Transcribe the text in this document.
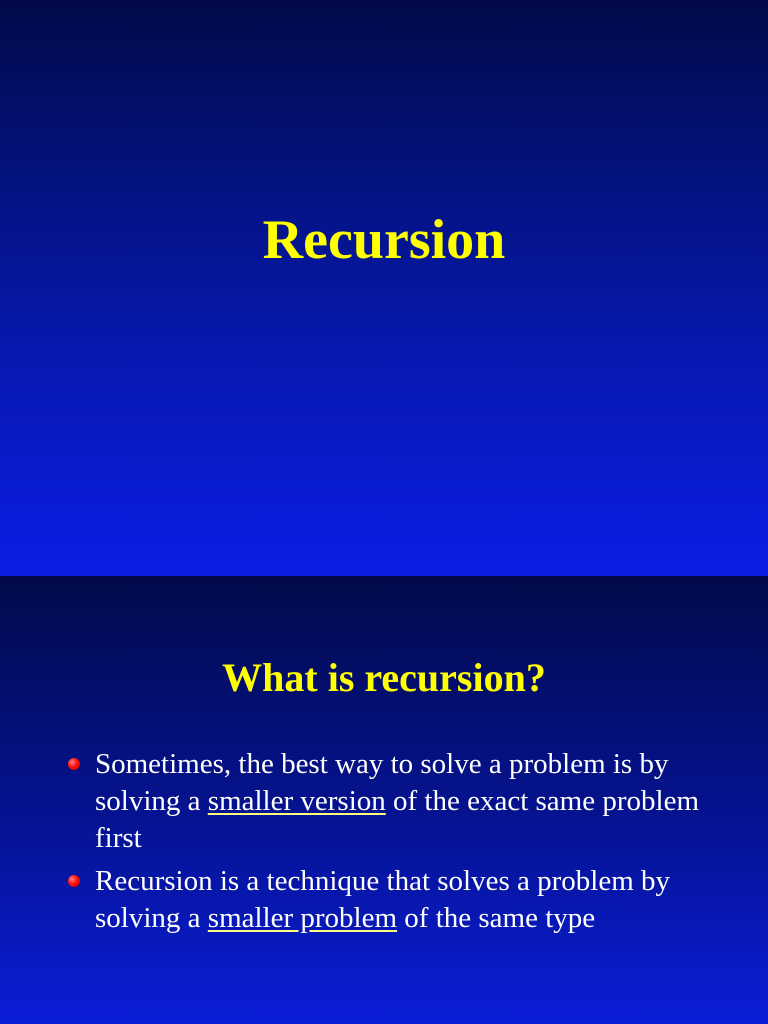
Recursion
What is recursion?
Sometimes, the best way to solve a problem is by solving a smaller version of the exact same problem first
Recursion is a technique that solves a problem by solving a smaller problem of the same type
